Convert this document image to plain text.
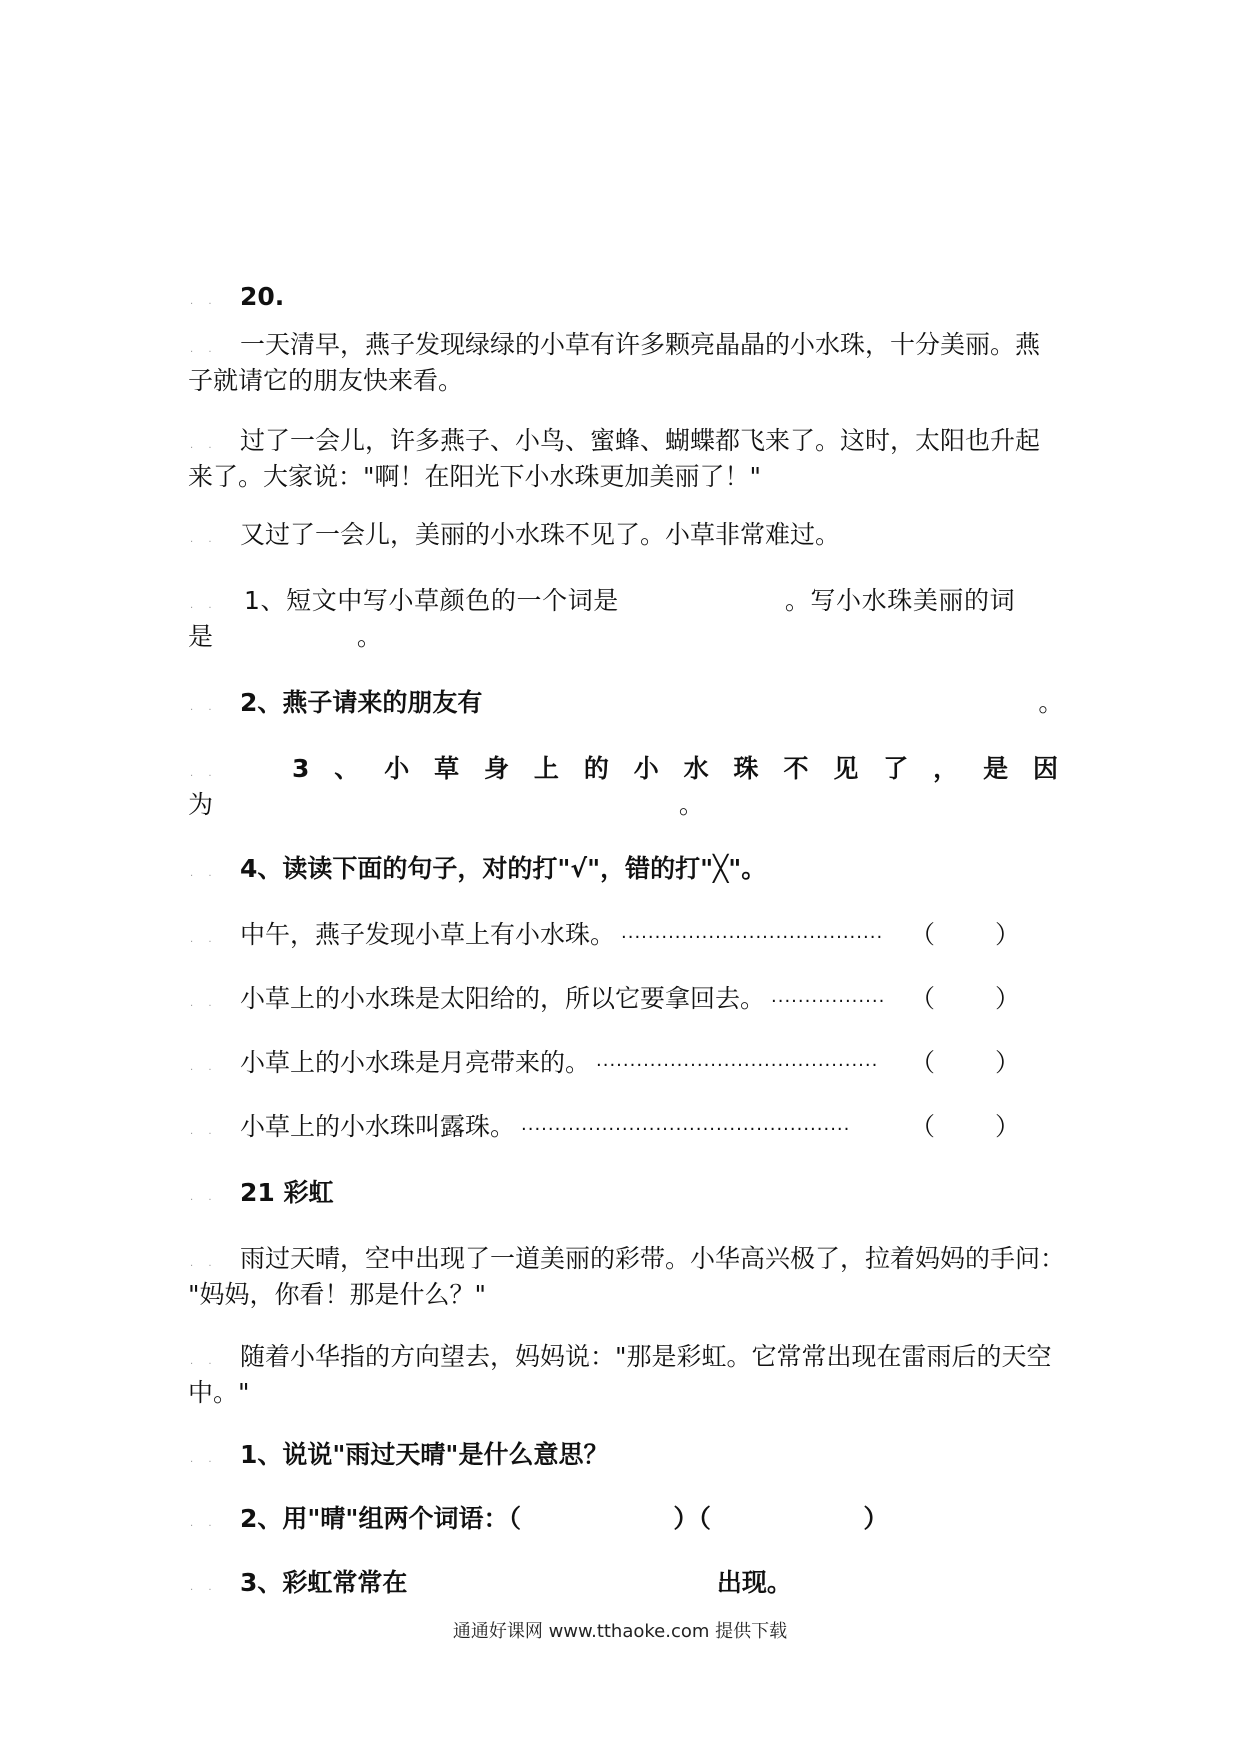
. . 20.
. . 一天清早，燕子发现绿绿的小草有许多颗亮晶晶的小水珠，十分美丽。燕
子就请它的朋友快来看。
. . 过了一会儿，许多燕子、小鸟、蜜蜂、蝴蝶都飞来了。这时，太阳也升起
来了。大家说："啊！在阳光下小水珠更加美丽了！"
. . 又过了一会儿，美丽的小水珠不见了。小草非常难过。
. . 1、短文中写小草颜色的一个词是	。写小水珠美丽的词
是	。
. . 2、燕子请来的朋友有	。
. .	3 、 小 草 身 上 的 小 水 珠 不 见 了 ， 是 因
为	。
. . 4、读读下面的句子，对的打"√"，错的打"╳"。
. . 中午，燕子发现小草上有小水珠。 ·······································	（ ）
. . 小草上的小水珠是太阳给的，所以它要拿回去。 ················· （ ）
. . 小草上的小水珠是月亮带来的。 ··········································	（ ）
. . 小草上的小水珠叫露珠。 ·················································	（ ）
. . 21 彩虹
. . 雨过天晴，空中出现了一道美丽的彩带。小华高兴极了，拉着妈妈的手问：
"妈妈，你看！那是什么？"
. . 随着小华指的方向望去，妈妈说："那是彩虹。它常常出现在雷雨后的天空
中。"
. . 1、说说"雨过天晴"是什么意思？
. . 2、用"晴"组两个词语：（	）（	）
. . 3、彩虹常常在	出现。
通通好课网 www.tthaoke.com 提供下载
